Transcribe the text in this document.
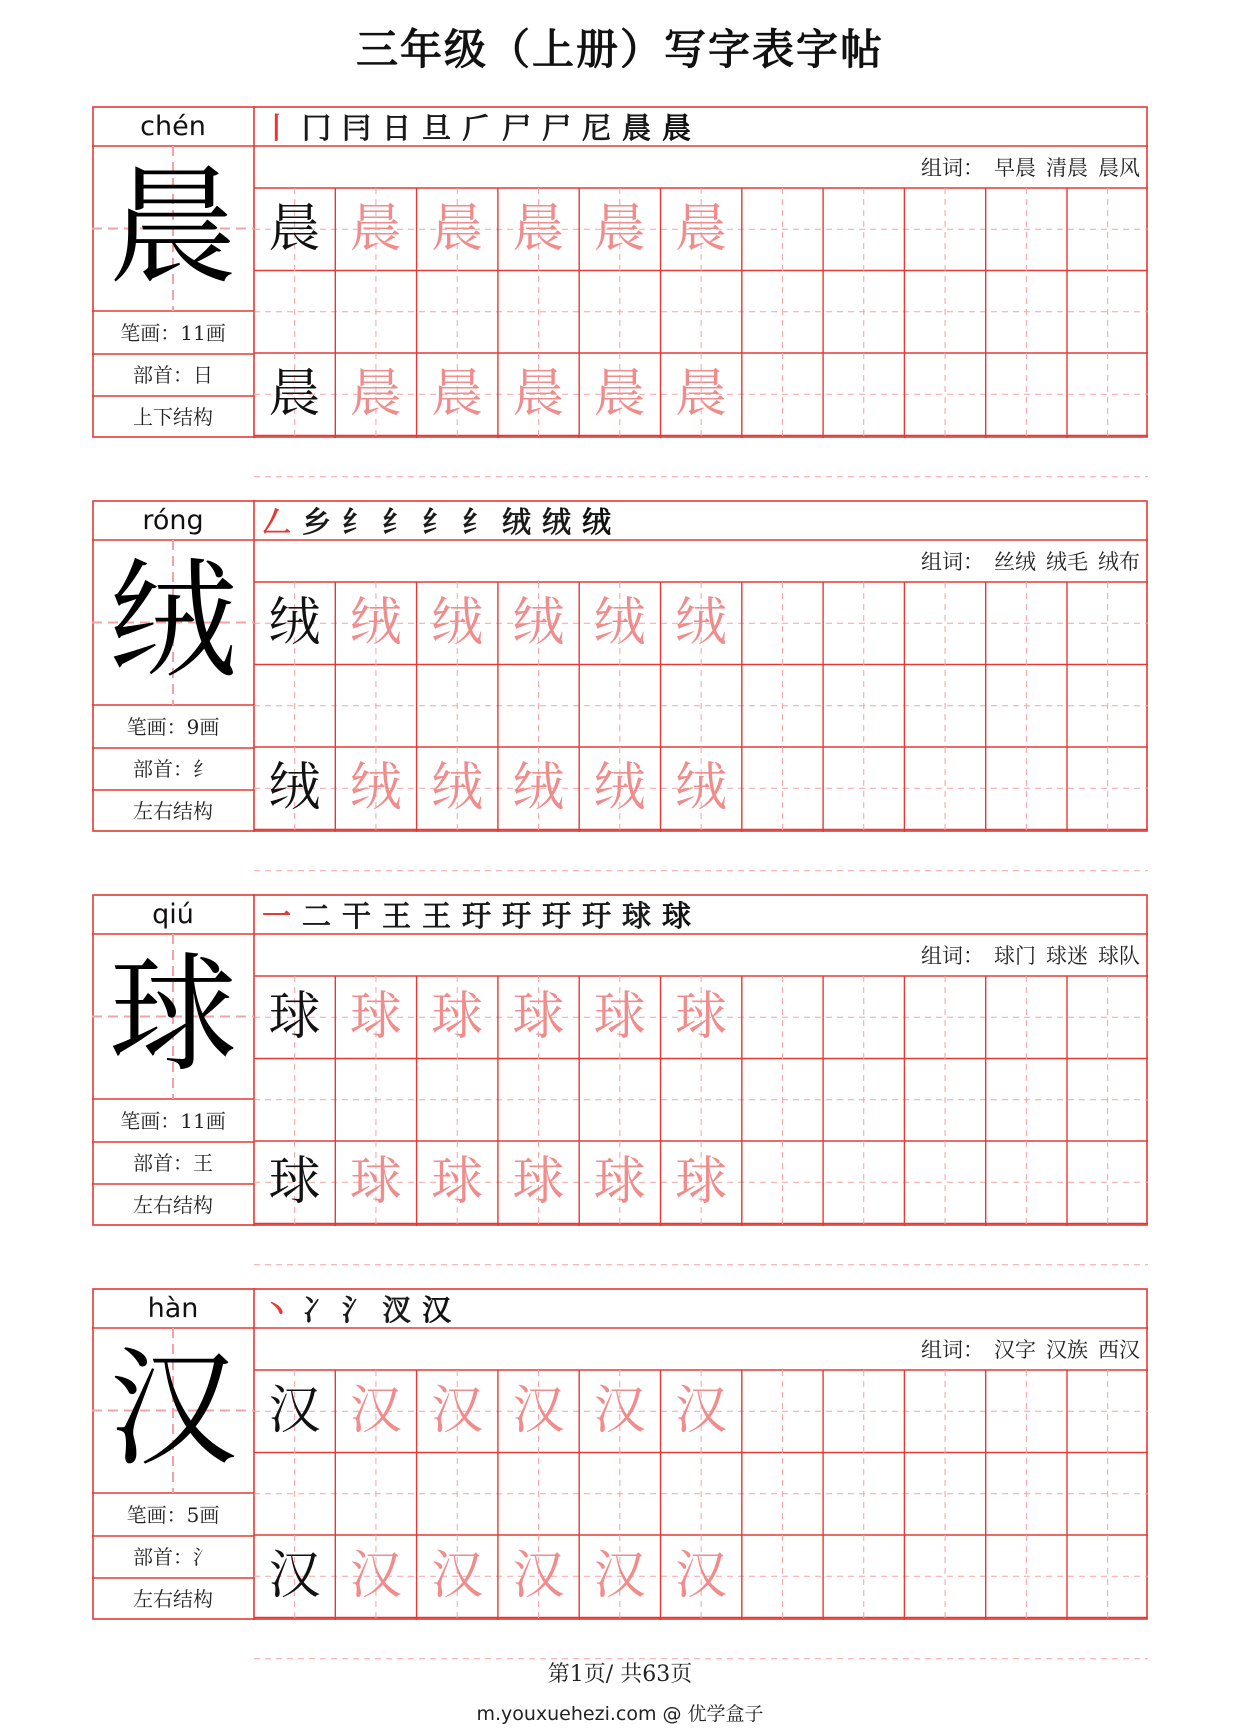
三年级（上册）写字表字帖
chén
晨
笔画：11画
部首：日
上下结构
丨 冂 冃 日 旦 𠂆 尸 尸 尼 晨 晨
组词： 早晨 清晨 晨风
晨 晨 晨 晨 晨 晨
晨 晨 晨 晨 晨 晨
róng
绒
笔画：9画
部首：纟
左右结构
𠃋 乡 纟 纟 纟 纟 绒 绒 绒
组词： 丝绒 绒毛 绒布
绒 绒 绒 绒 绒 绒
绒 绒 绒 绒 绒 绒
qiú
球
笔画：11画
部首：王
左右结构
一 二 干 王 王 玗 玗 玗 玗 球 球
组词： 球门 球迷 球队
球 球 球 球 球 球
球 球 球 球 球 球
hàn
汉
笔画：5画
部首：氵
左右结构
丶 冫 氵 汊 汉
组词： 汉字 汉族 西汉
汉 汉 汉 汉 汉 汉
汉 汉 汉 汉 汉 汉
第1页/ 共63页
m.youxuehezi.com @ 优学盒子
